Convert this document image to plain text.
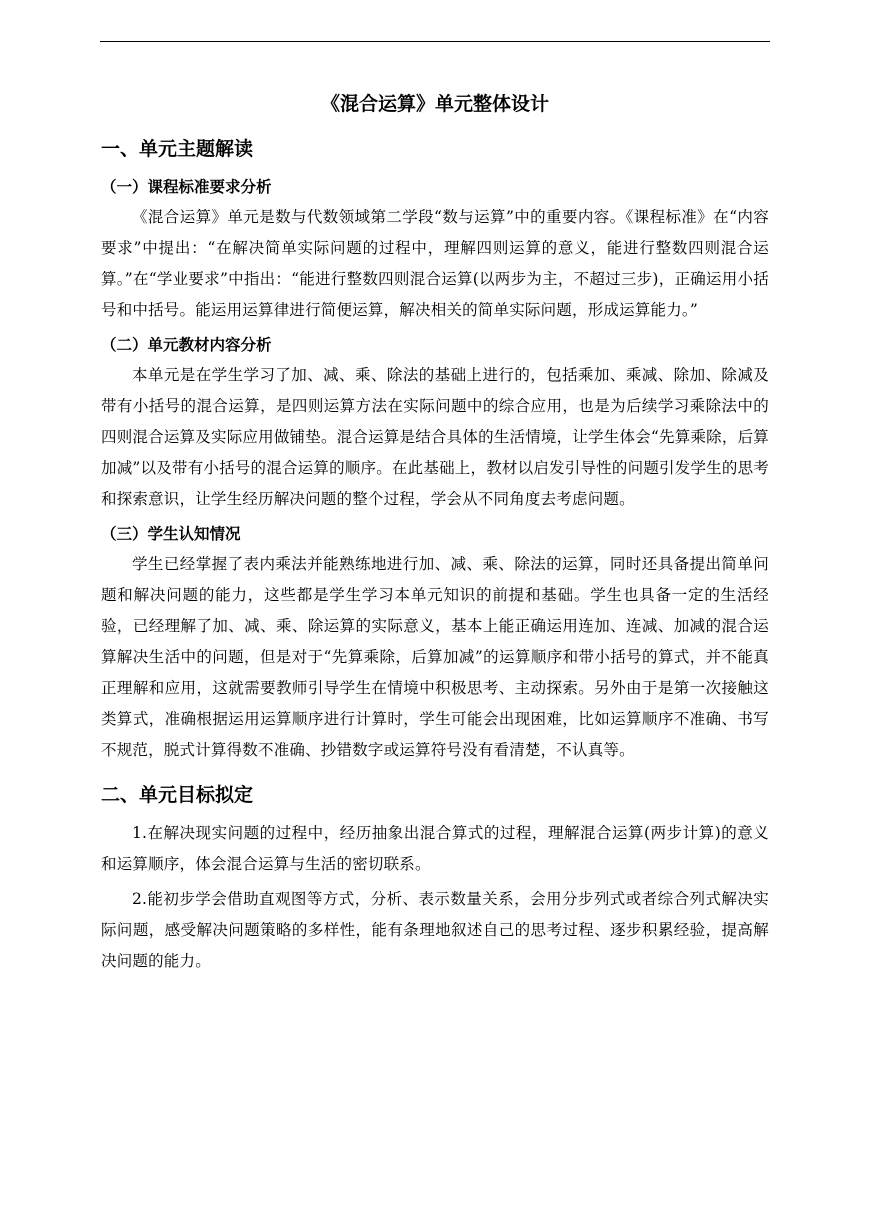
《混合运算》单元整体设计
一、单元主题解读
（一）课程标准要求分析

《混合运算》单元是数与代数领域第二学段“数与运算”中的重要内容。《课程标准》在“内容要求”中提出：“在解决简单实际问题的过程中，理解四则运算的意义，能进行整数四则混合运算。”在“学业要求”中指出：“能进行整数四则混合运算(以两步为主，不超过三步)，正确运用小括号和中括号。能运用运算律进行简便运算，解决相关的简单实际问题，形成运算能力。”

（二）单元教材内容分析

本单元是在学生学习了加、减、乘、除法的基础上进行的，包括乘加、乘减、除加、除减及带有小括号的混合运算，是四则运算方法在实际问题中的综合应用，也是为后续学习乘除法中的四则混合运算及实际应用做铺垫。混合运算是结合具体的生活情境，让学生体会“先算乘除，后算加减”以及带有小括号的混合运算的顺序。在此基础上，教材以启发引导性的问题引发学生的思考和探索意识，让学生经历解决问题的整个过程，学会从不同角度去考虑问题。

（三）学生认知情况

学生已经掌握了表内乘法并能熟练地进行加、减、乘、除法的运算，同时还具备提出简单问题和解决问题的能力，这些都是学生学习本单元知识的前提和基础。学生也具备一定的生活经验，已经理解了加、减、乘、除运算的实际意义，基本上能正确运用连加、连减、加减的混合运算解决生活中的问题，但是对于“先算乘除，后算加减”的运算顺序和带小括号的算式，并不能真正理解和应用，这就需要教师引导学生在情境中积极思考、主动探索。另外由于是第一次接触这类算式，准确根据运用运算顺序进行计算时，学生可能会出现困难，比如运算顺序不准确、书写不规范，脱式计算得数不准确、抄错数字或运算符号没有看清楚，不认真等。

二、单元目标拟定

1.在解决现实问题的过程中，经历抽象出混合算式的过程，理解混合运算(两步计算)的意义和运算顺序，体会混合运算与生活的密切联系。

2.能初步学会借助直观图等方式，分析、表示数量关系，会用分步列式或者综合列式解决实际问题，感受解决问题策略的多样性，能有条理地叙述自己的思考过程、逐步积累经验，提高解决问题的能力。
